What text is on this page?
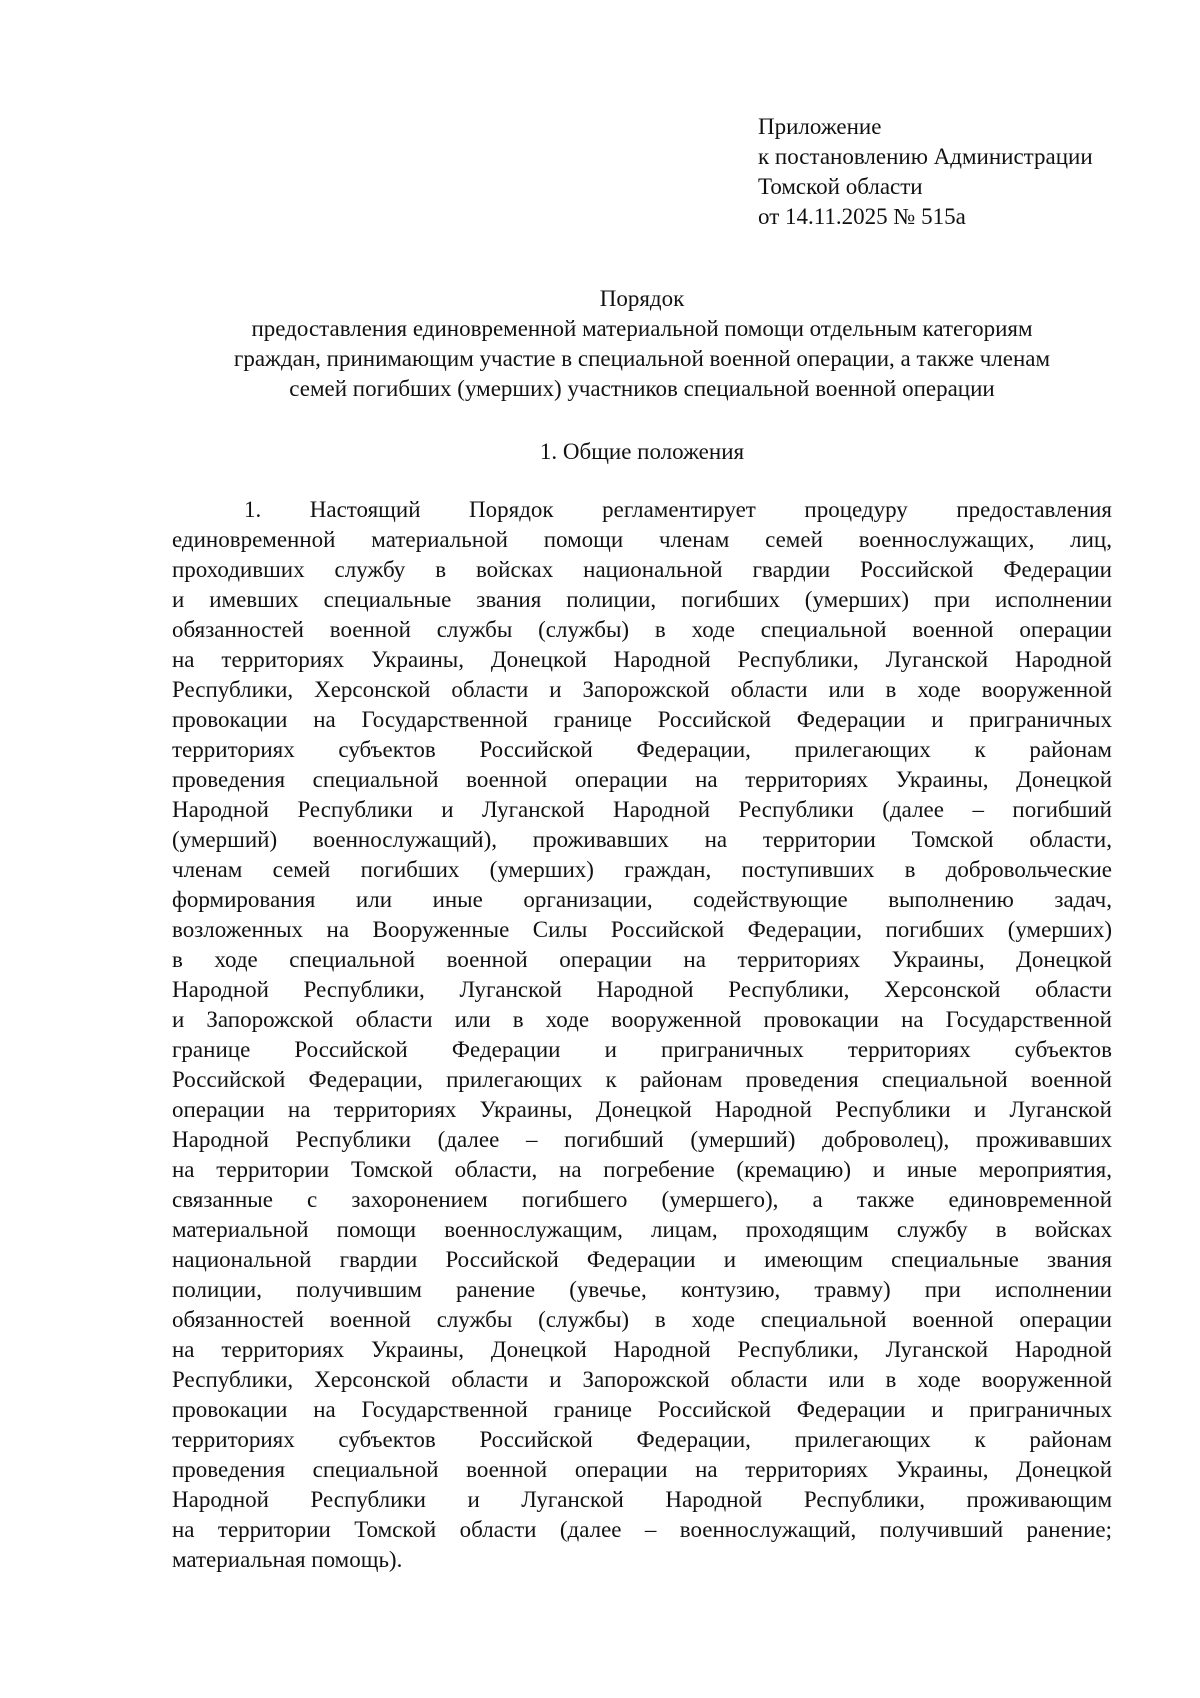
Приложение
к постановлению Администрации
Томской области
от 14.11.2025 № 515а
Порядок
предоставления единовременной материальной помощи отдельным категориям
граждан, принимающим участие в специальной военной операции, а также членам
семей погибших (умерших) участников специальной военной операции
1. Общие положения
1. Настоящий Порядок регламентирует процедуру предоставления
единовременной материальной помощи членам семей военнослужащих, лиц,
проходивших службу в войсках национальной гвардии Российской Федерации
и имевших специальные звания полиции, погибших (умерших) при исполнении
обязанностей военной службы (службы) в ходе специальной военной операции
на территориях Украины, Донецкой Народной Республики, Луганской Народной
Республики, Херсонской области и Запорожской области или в ходе вооруженной
провокации на Государственной границе Российской Федерации и приграничных
территориях субъектов Российской Федерации, прилегающих к районам
проведения специальной военной операции на территориях Украины, Донецкой
Народной Республики и Луганской Народной Республики (далее – погибший
(умерший) военнослужащий), проживавших на территории Томской области,
членам семей погибших (умерших) граждан, поступивших в добровольческие
формирования или иные организации, содействующие выполнению задач,
возложенных на Вооруженные Силы Российской Федерации, погибших (умерших)
в ходе специальной военной операции на территориях Украины, Донецкой
Народной Республики, Луганской Народной Республики, Херсонской области
и Запорожской области или в ходе вооруженной провокации на Государственной
границе Российской Федерации и приграничных территориях субъектов
Российской Федерации, прилегающих к районам проведения специальной военной
операции на территориях Украины, Донецкой Народной Республики и Луганской
Народной Республики (далее – погибший (умерший) доброволец), проживавших
на территории Томской области, на погребение (кремацию) и иные мероприятия,
связанные с захоронением погибшего (умершего), а также единовременной
материальной помощи военнослужащим, лицам, проходящим службу в войсках
национальной гвардии Российской Федерации и имеющим специальные звания
полиции, получившим ранение (увечье, контузию, травму) при исполнении
обязанностей военной службы (службы) в ходе специальной военной операции
на территориях Украины, Донецкой Народной Республики, Луганской Народной
Республики, Херсонской области и Запорожской области или в ходе вооруженной
провокации на Государственной границе Российской Федерации и приграничных
территориях субъектов Российской Федерации, прилегающих к районам
проведения специальной военной операции на территориях Украины, Донецкой
Народной Республики и Луганской Народной Республики, проживающим
на территории Томской области (далее – военнослужащий, получивший ранение;
материальная помощь).
